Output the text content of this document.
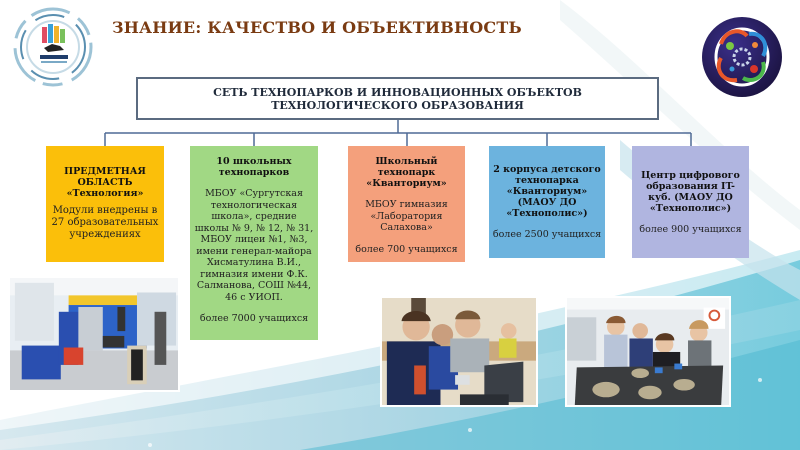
ЗНАНИЕ: КАЧЕСТВО И ОБЪЕКТИВНОСТЬ
СЕТЬ ТЕХНОПАРКОВ И ИННОВАЦИОННЫХ ОБЪЕКТОВ
ТЕХНОЛОГИЧЕСКОГО ОБРАЗОВАНИЯ
ПРЕДМЕТНАЯ ОБЛАСТЬ «Технология»
Модули внедрены в 27 образовательных учреждениях
10 школьных технопарков
МБОУ «Сургутская технологическая школа», средние школы № 9, № 12, № 31, МБОУ лицеи №1, №3, имени генерал-майора Хисматулина В.И., гимназия имени Ф.К. Салманова, СОШ №44, 46 с УИОП.
более 7000 учащихся
Школьный технопарк «Кванториум»
МБОУ гимназия «Лаборатория Салахова»
более 700 учащихся
2 корпуса детского технопарка «Кванториум» (МАОУ ДО «Технополис»)
более 2500 учащихся
Центр цифрового образования IT- куб. (МАОУ ДО «Технополис»)
более 900 учащихся
